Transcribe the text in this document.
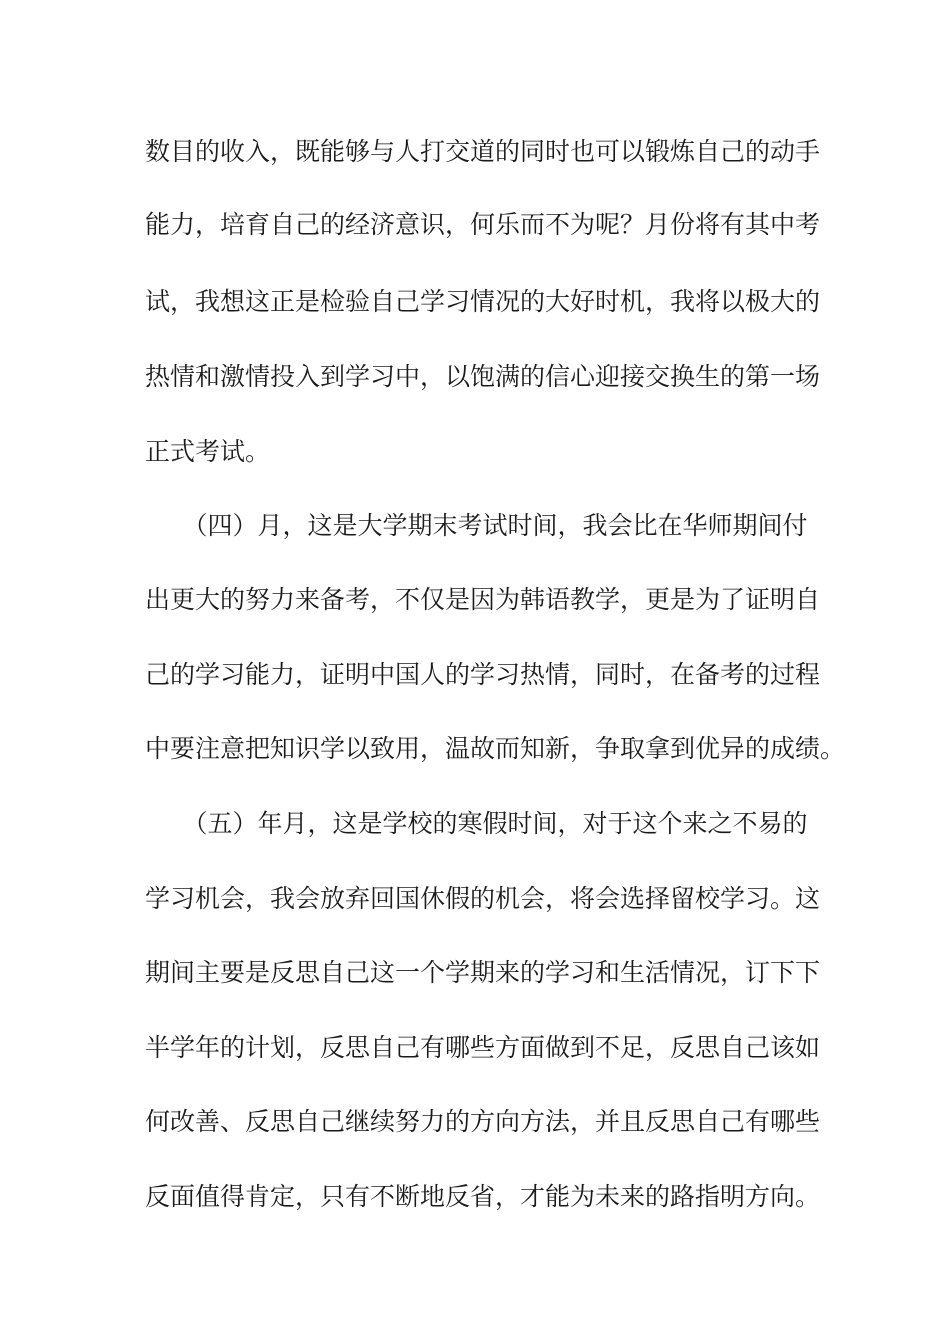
数目的收入，既能够与人打交道的同时也可以锻炼自己的动手
能力，培育自己的经济意识，何乐而不为呢？月份将有其中考
试，我想这正是检验自己学习情况的大好时机，我将以极大的
热情和激情投入到学习中，以饱满的信心迎接交换生的第一场
正式考试。
　　（四）月，这是大学期末考试时间，我会比在华师期间付
出更大的努力来备考，不仅是因为韩语教学，更是为了证明自
己的学习能力，证明中国人的学习热情，同时，在备考的过程
中要注意把知识学以致用，温故而知新，争取拿到优异的成绩。
　　（五）年月，这是学校的寒假时间，对于这个来之不易的
学习机会，我会放弃回国休假的机会，将会选择留校学习。这
期间主要是反思自己这一个学期来的学习和生活情况，订下下
半学年的计划，反思自己有哪些方面做到不足，反思自己该如
何改善、反思自己继续努力的方向方法，并且反思自己有哪些
反面值得肯定，只有不断地反省，才能为未来的路指明方向。
